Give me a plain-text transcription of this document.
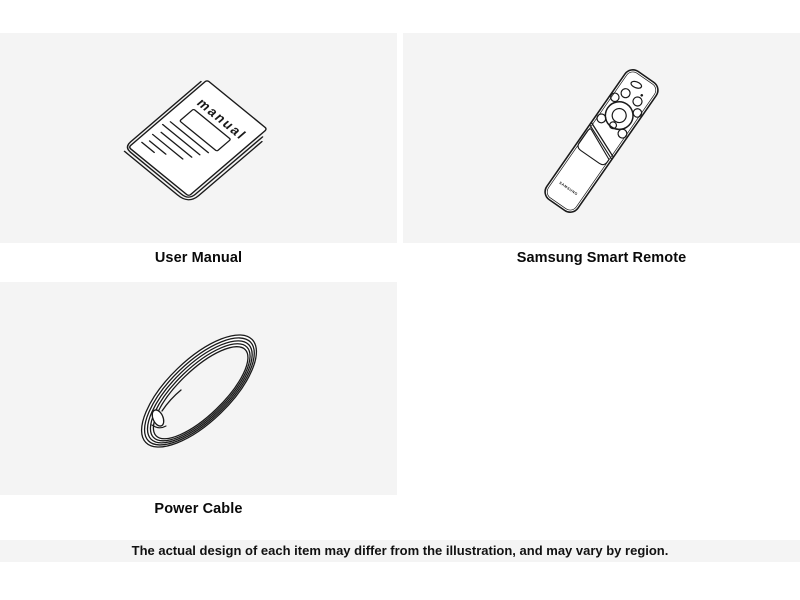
manual
User Manual
SAMSUNG
Samsung Smart Remote
Power Cable
The actual design of each item may differ from the illustration, and may vary by region.
